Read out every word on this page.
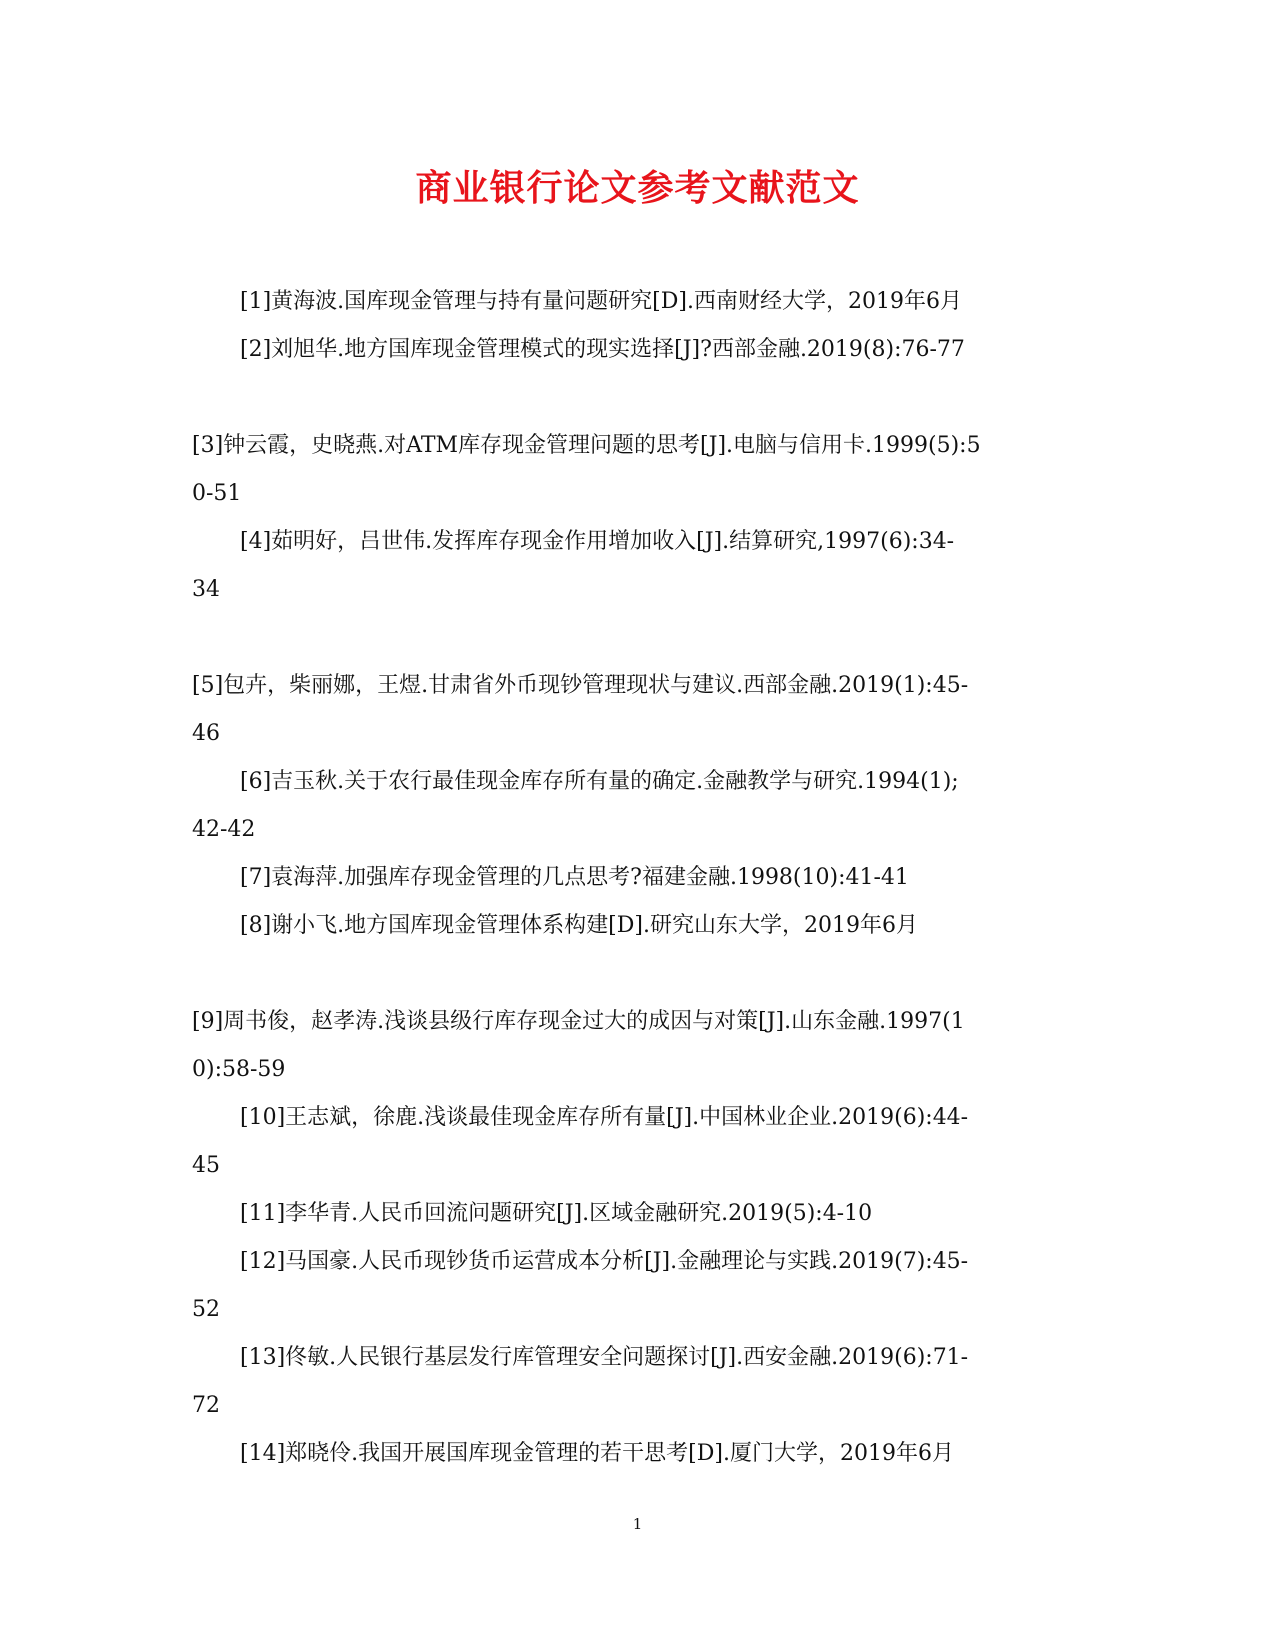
商业银行论文参考文献范文
[1]黄海波.国库现金管理与持有量问题研究[D].西南财经大学，2019年6月
[2]刘旭华.地方国库现金管理模式的现实选择[J]?西部金融.2019(8):76-77
[3]钟云霞，史晓燕.对ATM库存现金管理问题的思考[J].电脑与信用卡.1999(5):5
0-51
[4]茹明好，吕世伟.发挥库存现金作用增加收入[J].结算研究,1997(6):34-
34
[5]包卉，柴丽娜，王煜.甘肃省外币现钞管理现状与建议.西部金融.2019(1):45-
46
[6]吉玉秋.关于农行最佳现金库存所有量的确定.金融教学与研究.1994(1);
42-42
[7]袁海萍.加强库存现金管理的几点思考?福建金融.1998(10):41-41
[8]谢小飞.地方国库现金管理体系构建[D].研究山东大学，2019年6月
[9]周书俊，赵孝涛.浅谈县级行库存现金过大的成因与对策[J].山东金融.1997(1
0):58-59
[10]王志斌，徐鹿.浅谈最佳现金库存所有量[J].中国林业企业.2019(6):44-
45
[11]李华青.人民币回流问题研究[J].区域金融研究.2019(5):4-10
[12]马国豪.人民币现钞货币运营成本分析[J].金融理论与实践.2019(7):45-
52
[13]佟敏.人民银行基层发行库管理安全问题探讨[J].西安金融.2019(6):71-
72
[14]郑晓伶.我国开展国库现金管理的若干思考[D].厦门大学，2019年6月
1
